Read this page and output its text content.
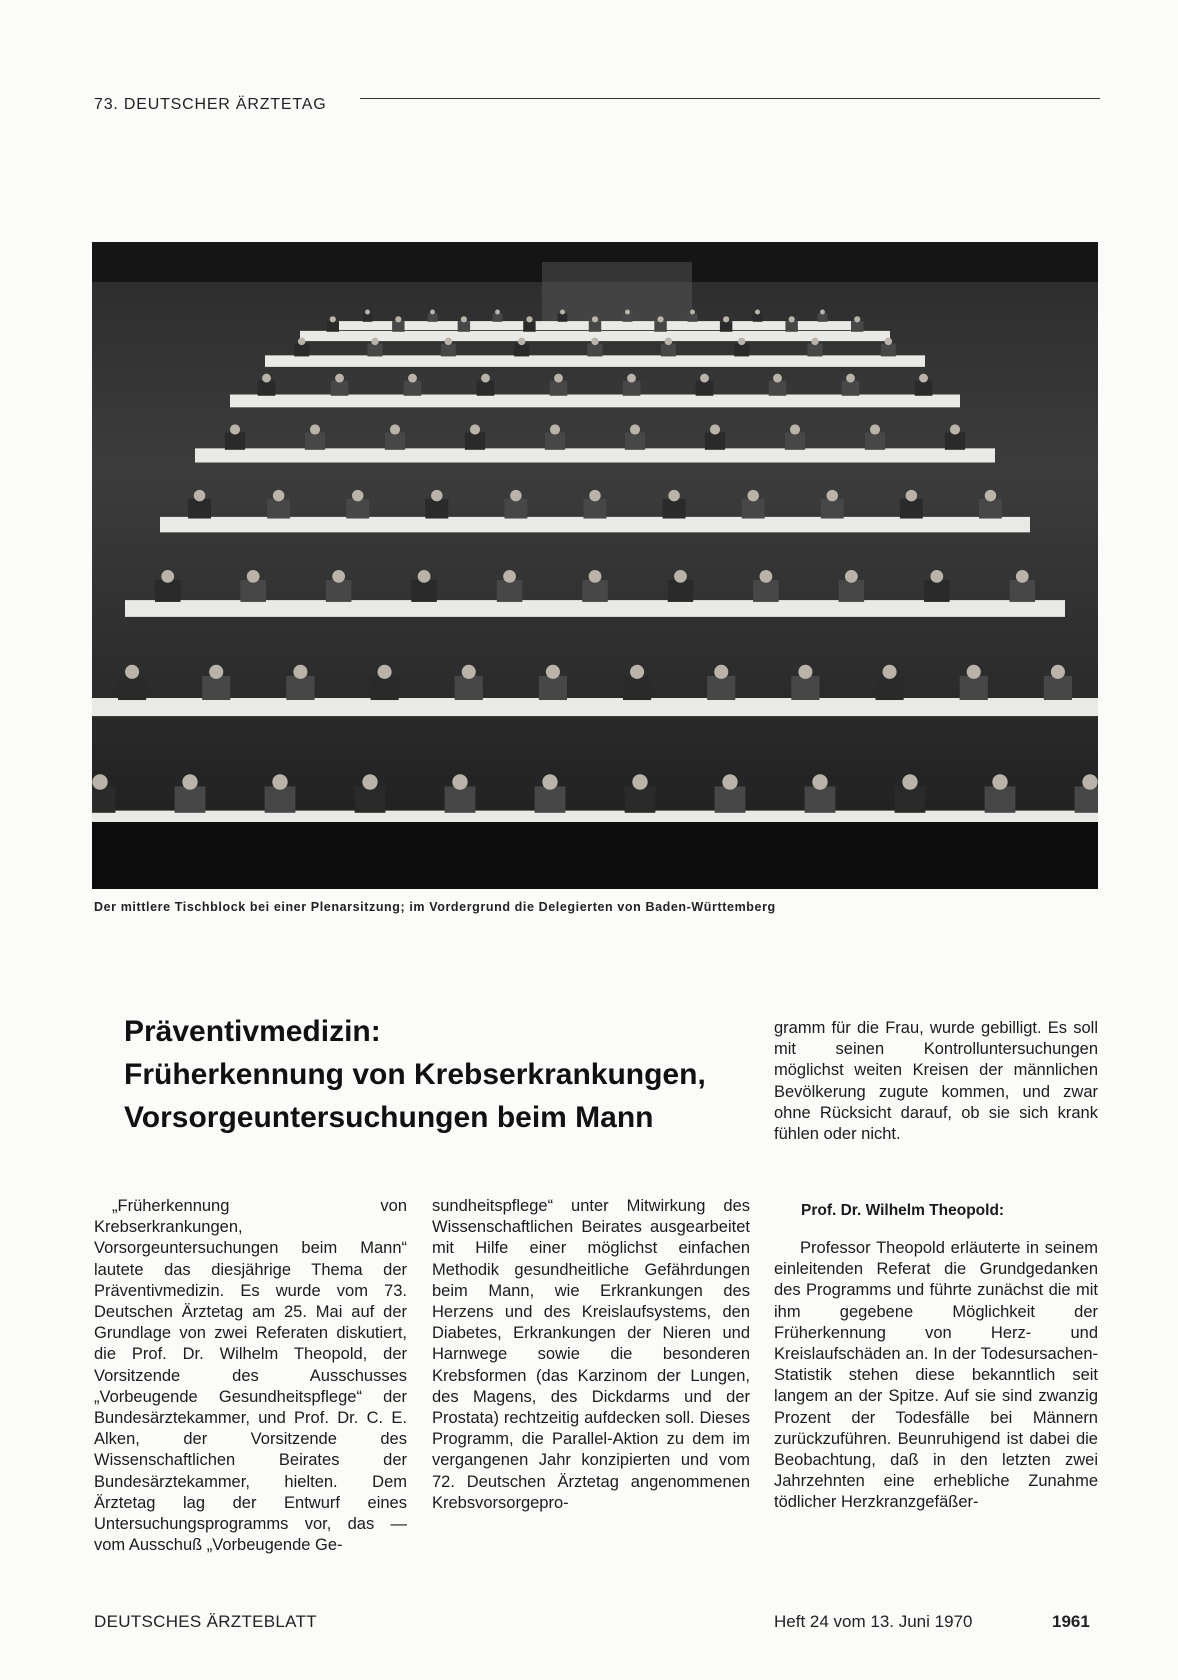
73. DEUTSCHER ÄRZTETAG
Der mittlere Tischblock bei einer Plenarsitzung; im Vordergrund die Delegierten von Baden-Württemberg
Präventivmedizin:
Früherkennung von Krebserkrankungen,
Vorsorgeuntersuchungen beim Mann

„Früherkennung von Krebserkrankungen, Vorsorgeuntersuchungen beim Mann“ lautete das diesjährige Thema der Präventivmedizin. Es wurde vom 73. Deutschen Ärztetag am 25. Mai auf der Grundlage von zwei Referaten diskutiert, die Prof. Dr. Wilhelm Theopold, der Vorsitzende des Ausschusses „Vorbeugende Gesundheitspflege“ der Bundesärztekammer, und Prof. Dr. C. E. Alken, der Vorsitzende des Wissenschaftlichen Beirates der Bundesärztekammer, hielten. Dem Ärztetag lag der Entwurf eines Untersuchungsprogramms vor, das — vom Ausschuß „Vorbeugende Ge-

sundheitspflege“ unter Mitwirkung des Wissenschaftlichen Beirates ausgearbeitet mit Hilfe einer möglichst einfachen Methodik gesundheitliche Gefährdungen beim Mann, wie Erkrankungen des Herzens und des Kreislaufsystems, den Diabetes, Erkrankungen der Nieren und Harnwege sowie die besonderen Krebsformen (das Karzinom der Lungen, des Magens, des Dickdarms und der Prostata) rechtzeitig aufdecken soll. Dieses Programm, die Parallel-Aktion zu dem im vergangenen Jahr konzipierten und vom 72. Deutschen Ärztetag angenommenen Krebsvorsorgepro-

gramm für die Frau, wurde gebilligt. Es soll mit seinen Kontrolluntersuchungen möglichst weiten Kreisen der männlichen Bevölkerung zugute kommen, und zwar ohne Rücksicht darauf, ob sie sich krank fühlen oder nicht.

Prof. Dr. Wilhelm Theopold:

Professor Theopold erläuterte in seinem einleitenden Referat die Grundgedanken des Programms und führte zunächst die mit ihm gegebene Möglichkeit der Früherkennung von Herz- und Kreislaufschäden an. In der Todesursachen-Statistik stehen diese bekanntlich seit langem an der Spitze. Auf sie sind zwanzig Prozent der Todesfälle bei Männern zurückzuführen. Beunruhigend ist dabei die Beobachtung, daß in den letzten zwei Jahrzehnten eine erhebliche Zunahme tödlicher Herzkranzgefäßer-

DEUTSCHES ÄRZTEBLATT	Heft 24 vom 13. Juni 1970	1961
